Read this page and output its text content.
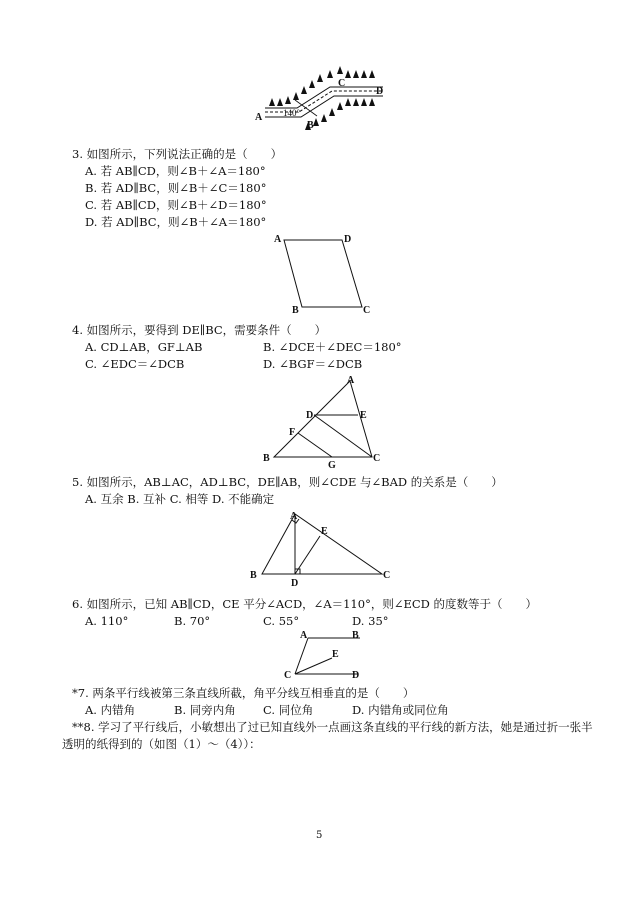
A
B
C
D
140°
3. 如图所示，下列说法正确的是（　　）
A. 若 AB∥CD，则∠B＋∠A＝180°
B. 若 AD∥BC，则∠B＋∠C＝180°
C. 若 AB∥CD，则∠B＋∠D＝180°
D. 若 AD∥BC，则∠B＋∠A＝180°
A	D
B	C
4. 如图所示，要得到 DE∥BC，需要条件（　　）
A. CD⊥AB，GF⊥AB	B. ∠DCE＋∠DEC＝180°
C. ∠EDC＝∠DCB	D. ∠BGF＝∠DCB
A
D	E
F
B
G
C
5. 如图所示，AB⊥AC，AD⊥BC，DE∥AB，则∠CDE 与∠BAD 的关系是（　　）
A. 互余 B. 互补 C. 相等 D. 不能确定
A
E
B
D
C
6. 如图所示，已知 AB∥CD，CE 平分∠ACD，∠A＝110°，则∠ECD 的度数等于（　　）
A. 110°	B. 70°	C. 55°	D. 35°
A	B
E
C	D
*7. 两条平行线被第三条直线所截，角平分线互相垂直的是（　　）
A. 内错角	B. 同旁内角 C. 同位角	D. 内错角或同位角
**8. 学习了平行线后，小敏想出了过已知直线外一点画这条直线的平行线的新方法，她是通过折一张半
透明的纸得到的（如图（1）～（4））：
5
